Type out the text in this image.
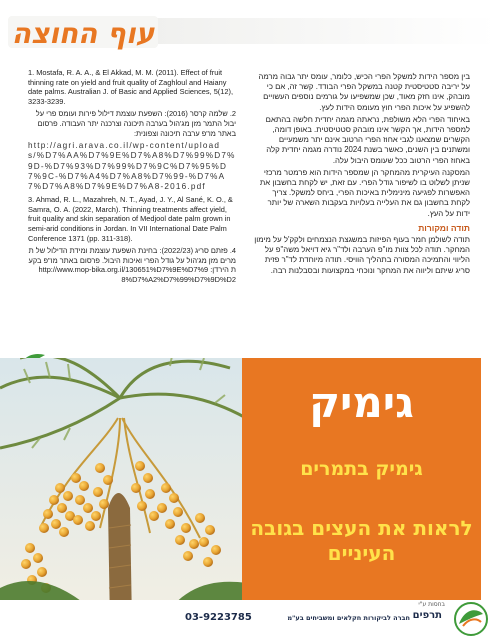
עוף החוצה

1. Mostafa, R. A. A., & El Akkad, M. M. (2011). Effect of fruit thinning rate on yield and fruit quality of Zaghloul and Haiany date palms. Australian J. of Basic and Applied Sciences, 5(12), 3233-3239.

2. שלמה קרסר (2016): השפעת עוצמת דילול פירות ועומס פרי על יבול התמר מזן מג'הול בערבה תיכונה וצרכנה יתר העבודה. פרסום באתר מו"פ ערבה תיכונה וצפונית:

http://agri.arava.co.il/wp-content/uploads/%D7%AA%D7%9E%D7%A8%D7%99%D7%9D-%D7%93%D7%99%D7%9C%D7%95%D7%9C-%D7%A4%D7%A8%D7%99-%D7%A7%D7%A8%D7%9E%D7%A8-2016.pdf

3. Ahmad, R. L., Mazahreh, N. T., Ayad, J. Y., Al Sané, K. O., & Samra, O. A. (2022, March). Thinning treatments affect yield, fruit quality and skin separation of Medjool date palm grown in semi-arid conditions in Jordan. In VII International Date Palm Conference 1371 (pp. 311-318).

4. פזתם סריג (2022/23): בחינת השפעת עוצמת ומידת הדילול של תמרים מזן מג'הול על גודל הפרי ואיכות היבול. פרסום באתר מו"פ בקעת הירדן: http://www.mop-bika.org.il/130651%D7%9E%D7%98%D7%A2%D7%99%D7%9D%D2

בין מספר הידות למשקל הפרי הכיש, כלומר, עומס יתר גבוה מרמה על יריבה סטטיסטית קטנה במשקל הפרי הבודד. קשר זה, אם כי מובהק, אינו חזק מאוד, שכן שמשפיעו על גורמים נוספים העשויים להשפיע על איכות הפרי חוץ מעומס הידות לעץ.

באיחוד הפרי הלא משולפת, נראתה מגמה יחדית חלשה בהתאם למספר הידות, אך הקשר אינו מובהק סטטיסטית. באופן דומה, הקשרים שמצאנו לגבי אחוז הפרי הרטוב אינם יתר משמעיים ומשתנים בין השנים, כאשר בשנת 2024 נודרה מגמה יחדית קלה באחוז הפרי הרטוב ככל שעומס היבול עלה.

המסקנה העיקרית מהמחקר הן שמספר הידות הוא פרמטר מרכזי שניתן לשלוט בו לשיפור גודל הפרי. עם זאת, יש לקחת בחשבון את האפשרות לפגיעה מינימלית באיכות הפרי, ביחס למשקל. צריך לקחת בחשבון גם את העלייה בעלויות בעקבות השארה של יותר ידות על העץ.

תודה ומקורות

תודה לשולמן חמר בעוף הפיזות במשגצת הנצמחים ולקק'ל על מימון המחקר. תודה לכל צוות מו"פ הערבה ולד"ר גיא דויאל משה"פ על הליווי והתמיכה המסורה בתהליך הוויסי. תודה מיוחדת לד"ר פזית סריג שיתם וליווה את המחקר ונוכחי במקצועות ובסבלנות רבה.

גימיק
גימיק בתמרים
לראות את העצים בגובה העיניים
03-9223785	חברה לביקורות חקלאים ומשביחים בע"מ תרפים
בחסות ע"י
